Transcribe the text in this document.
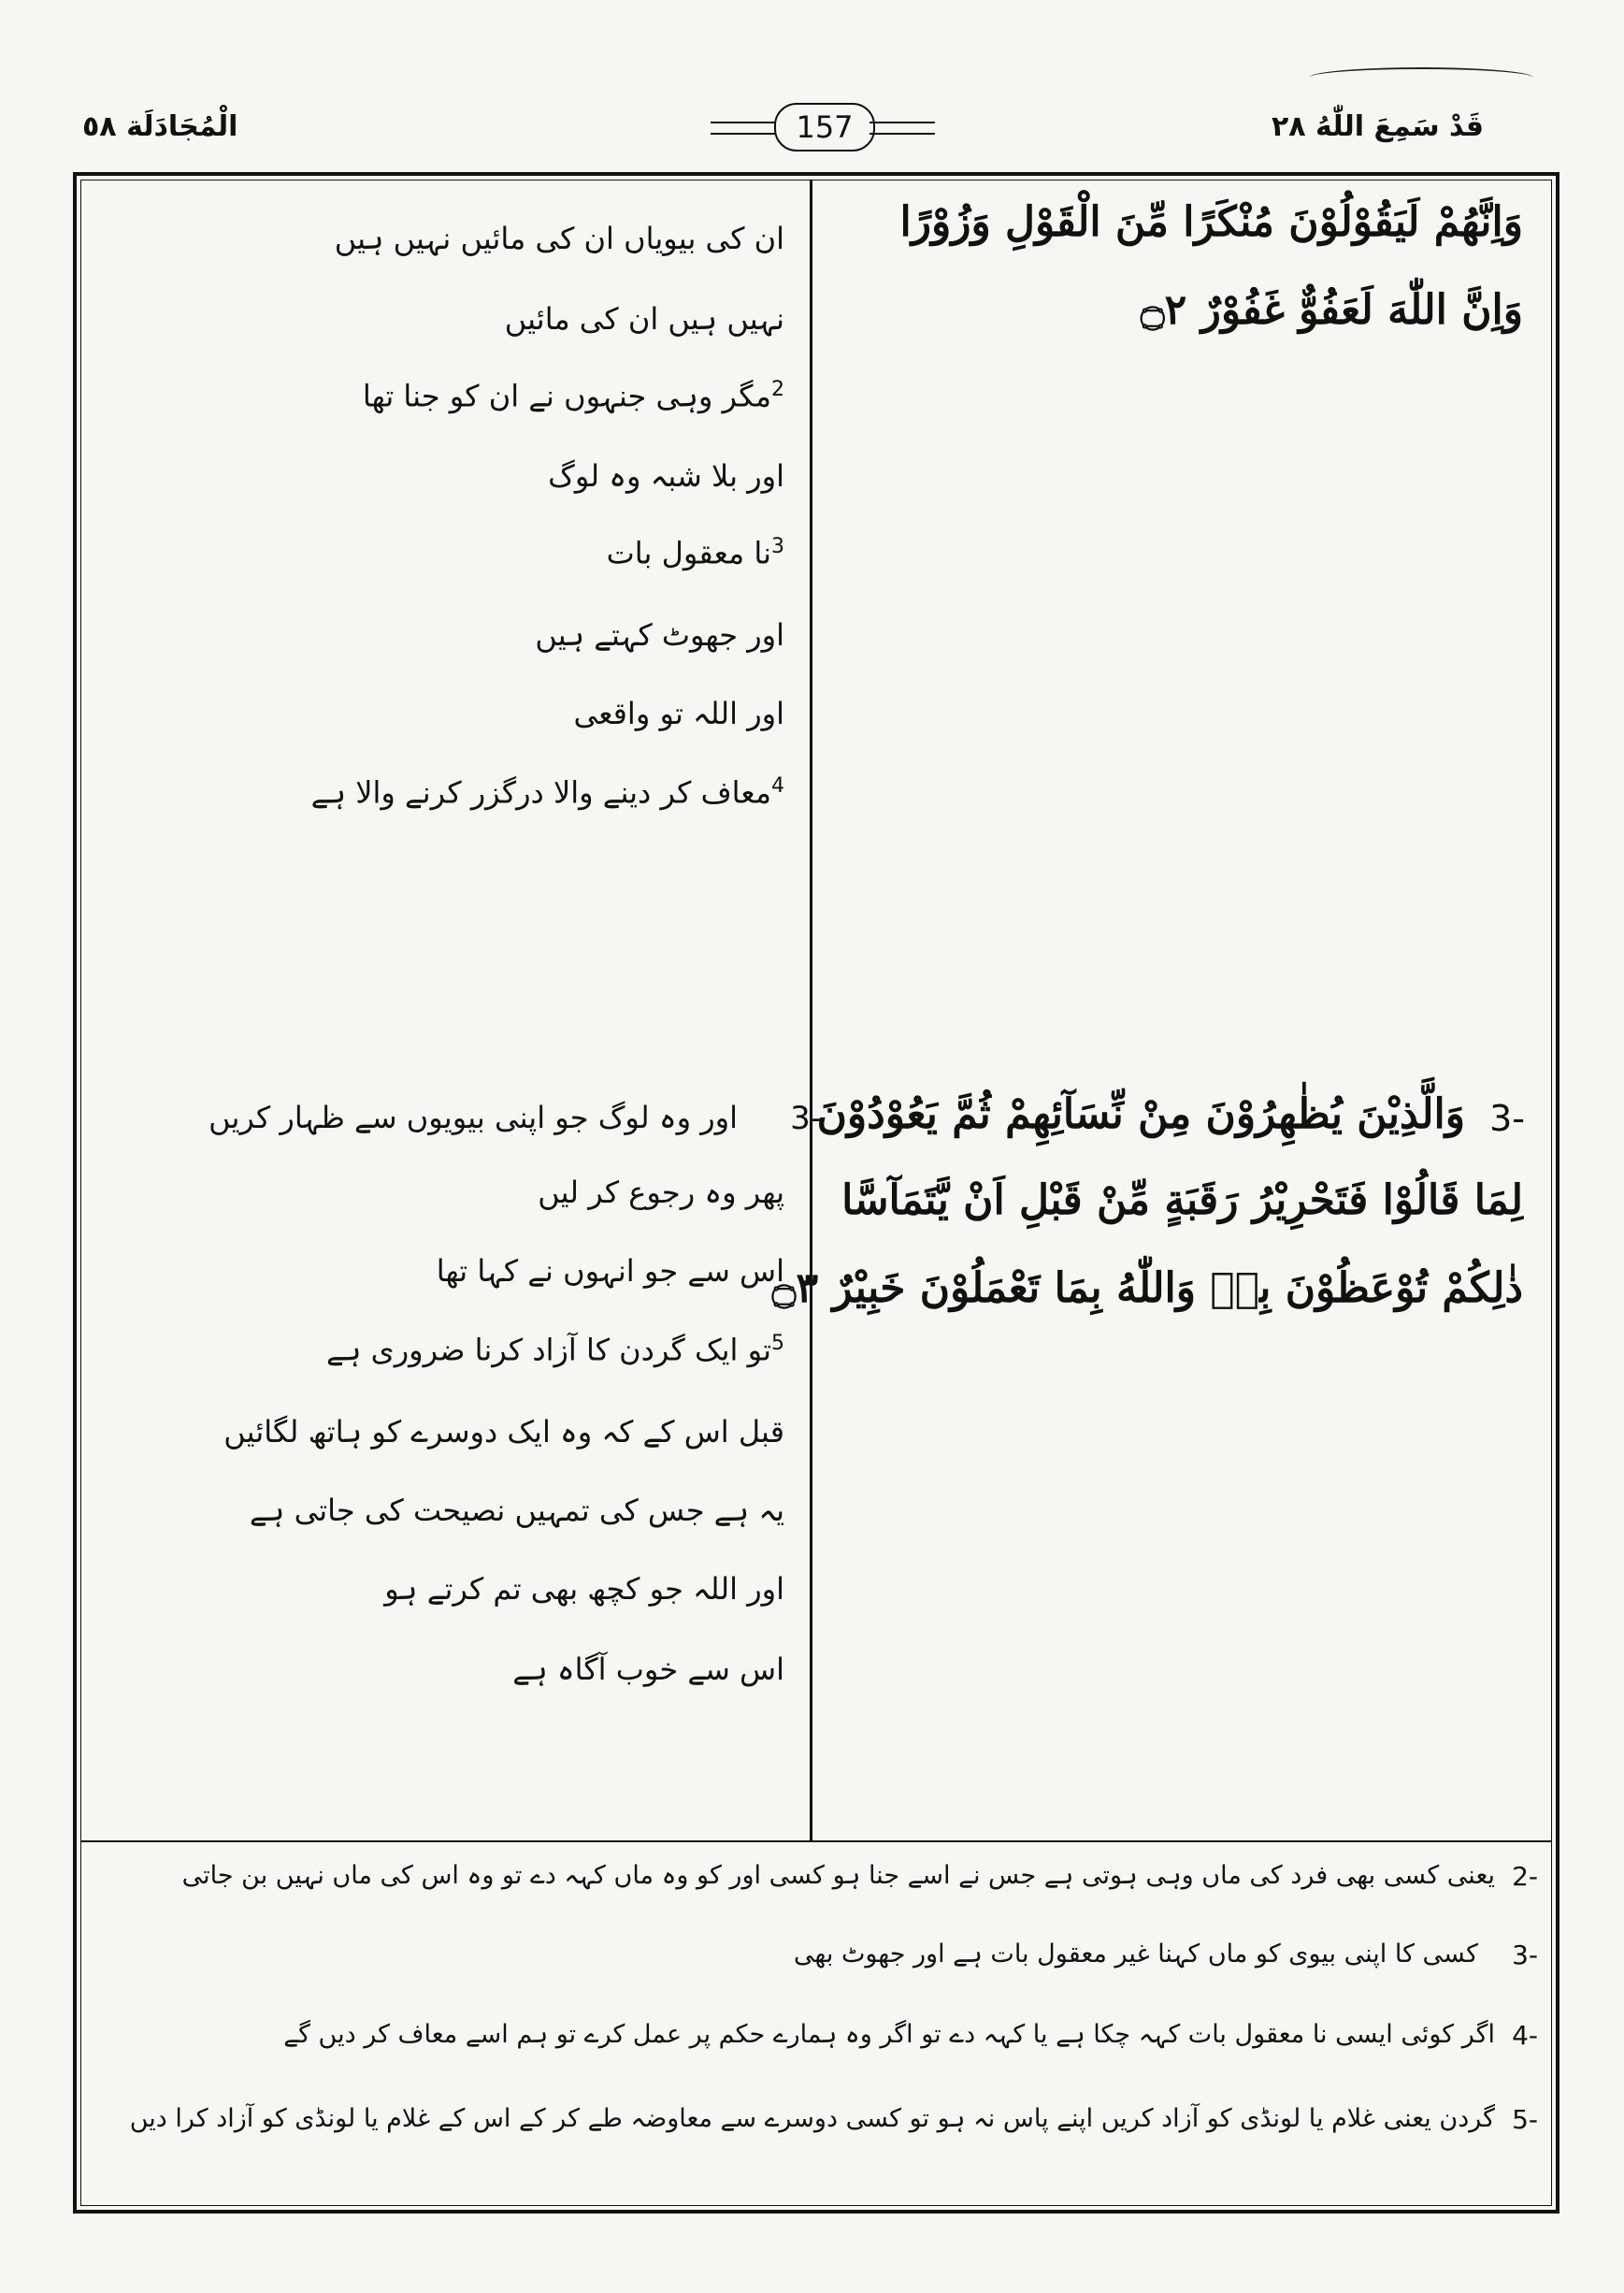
قَدْ سَمِعَ اللّٰهُ ٢٨
157
الْمُجَادَلَة ٥٨
وَاِنَّهُمْ لَيَقُوْلُوْنَ مُنْكَرًا مِّنَ الْقَوْلِ وَزُوْرًا
وَاِنَّ اللّٰهَ لَعَفُوٌّ غَفُوْرٌ ۝٢
3-
وَالَّذِيْنَ يُظٰهِرُوْنَ مِنْ نِّسَآئِهِمْ ثُمَّ يَعُوْدُوْنَ
لِمَا قَالُوْا فَتَحْرِيْرُ رَقَبَةٍ مِّنْ قَبْلِ اَنْ يَّتَمَآسَّا
ذٰلِكُمْ تُوْعَظُوْنَ بِهٖ وَاللّٰهُ بِمَا تَعْمَلُوْنَ خَبِيْرٌ ۝٣
ان کی بیویاں ان کی مائیں نہیں ہیں
نہیں ہیں ان کی مائیں
$^2$مگر وہی جنہوں نے ان کو جنا تھا
اور بلا شبہ وہ لوگ
$^3$نا معقول بات
اور جھوٹ کہتے ہیں
اور اللہ تو واقعی
$^4$معاف کر دینے والا درگزر کرنے والا ہے
3-
اور وہ لوگ جو اپنی بیویوں سے ظہار کریں
پھر وہ رجوع کر لیں
اس سے جو انہوں نے کہا تھا
$^5$تو ایک گردن کا آزاد کرنا ضروری ہے
قبل اس کے کہ وہ ایک دوسرے کو ہاتھ لگائیں
یہ ہے جس کی تمہیں نصیحت کی جاتی ہے
اور اللہ جو کچھ بھی تم کرتے ہو
اس سے خوب آگاہ ہے
2-
یعنی کسی بھی فرد کی ماں وہی ہوتی ہے جس نے اسے جنا ہو کسی اور کو وہ ماں کہہ دے تو وہ اس کی ماں نہیں بن جاتی
3-
کسی کا اپنی بیوی کو ماں کہنا غیر معقول بات ہے اور جھوٹ بھی
4-
اگر کوئی ایسی نا معقول بات کہہ چکا ہے یا کہہ دے تو اگر وہ ہمارے حکم پر عمل کرے تو ہم اسے معاف کر دیں گے
5-
گردن یعنی غلام یا لونڈی کو آزاد کریں اپنے پاس نہ ہو تو کسی دوسرے سے معاوضہ طے کر کے اس کے غلام یا لونڈی کو آزاد کرا دیں
